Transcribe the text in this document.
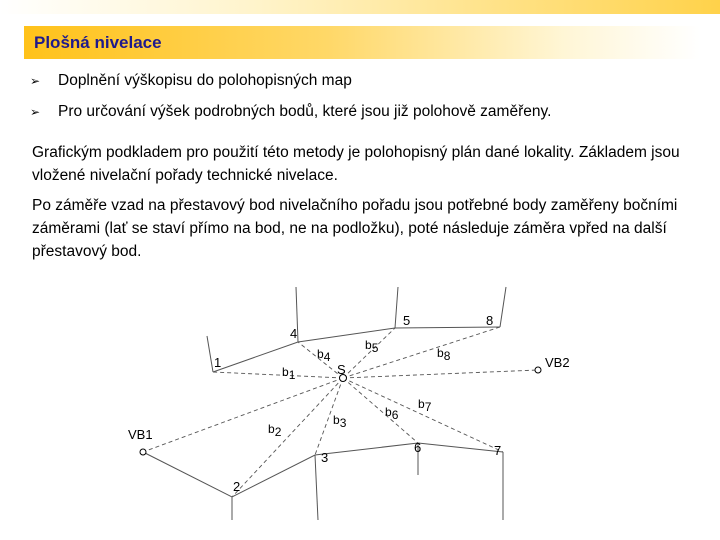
Plošná nivelace
➢ Doplnění výškopisu do polohopisných map
➢ Pro určování výšek podrobných bodů, které jsou již polohově zaměřeny.

Grafickým podkladem pro použití této metody je polohopisný plán dané lokality. Základem jsou vložené nivelační pořady technické nivelace.

Po záměře vzad na přestavový bod nivelačního pořadu jsou potřebné body zaměřeny bočními záměrami (lať se staví přímo na bod, ne na podložku), poté následuje záměra vpřed na další přestavový bod.

S
VB1
VB2
1
2
3
4
5
6	7
8
b1
b2
b3
b4
b5
b6
b7
b8
